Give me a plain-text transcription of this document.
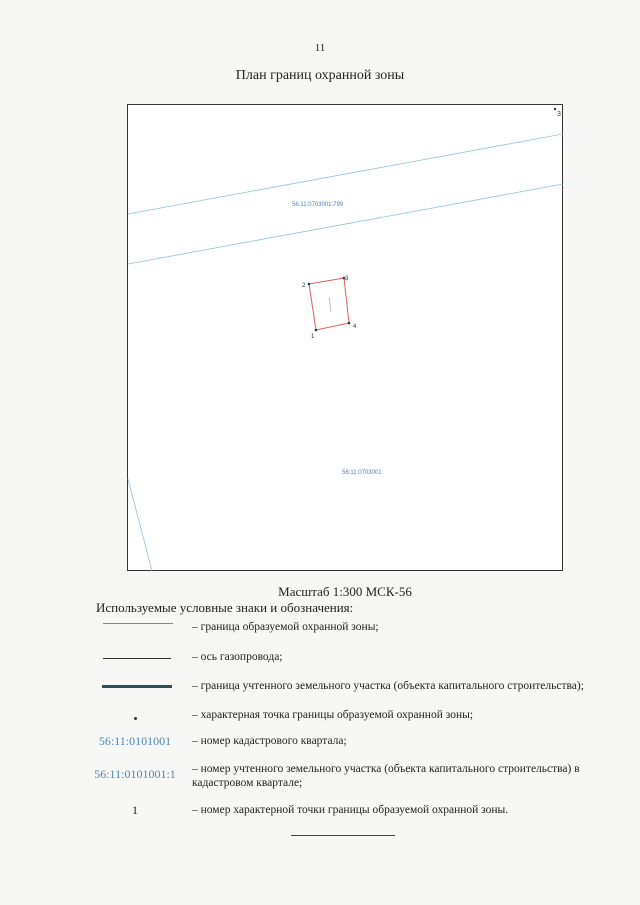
11
План границ охранной зоны
3
56:11:0703001:799
56:11:0703001
1
2
3
4
Масштаб 1:300 МСК-56
Используемые условные знаки и обозначения:
– граница образуемой охранной зоны;
– ось газопровода;
– граница учтенного земельного участка (объекта капитального строительства);
– характерная точка границы образуемой охранной зоны;
56:11:0101001	– номер кадастрового квартала;
56:11:0101001:1	– номер учтенного земельного участка (объекта капитального строительства) в кадастровом квартале;
1	– номер характерной точки границы образуемой охранной зоны.
